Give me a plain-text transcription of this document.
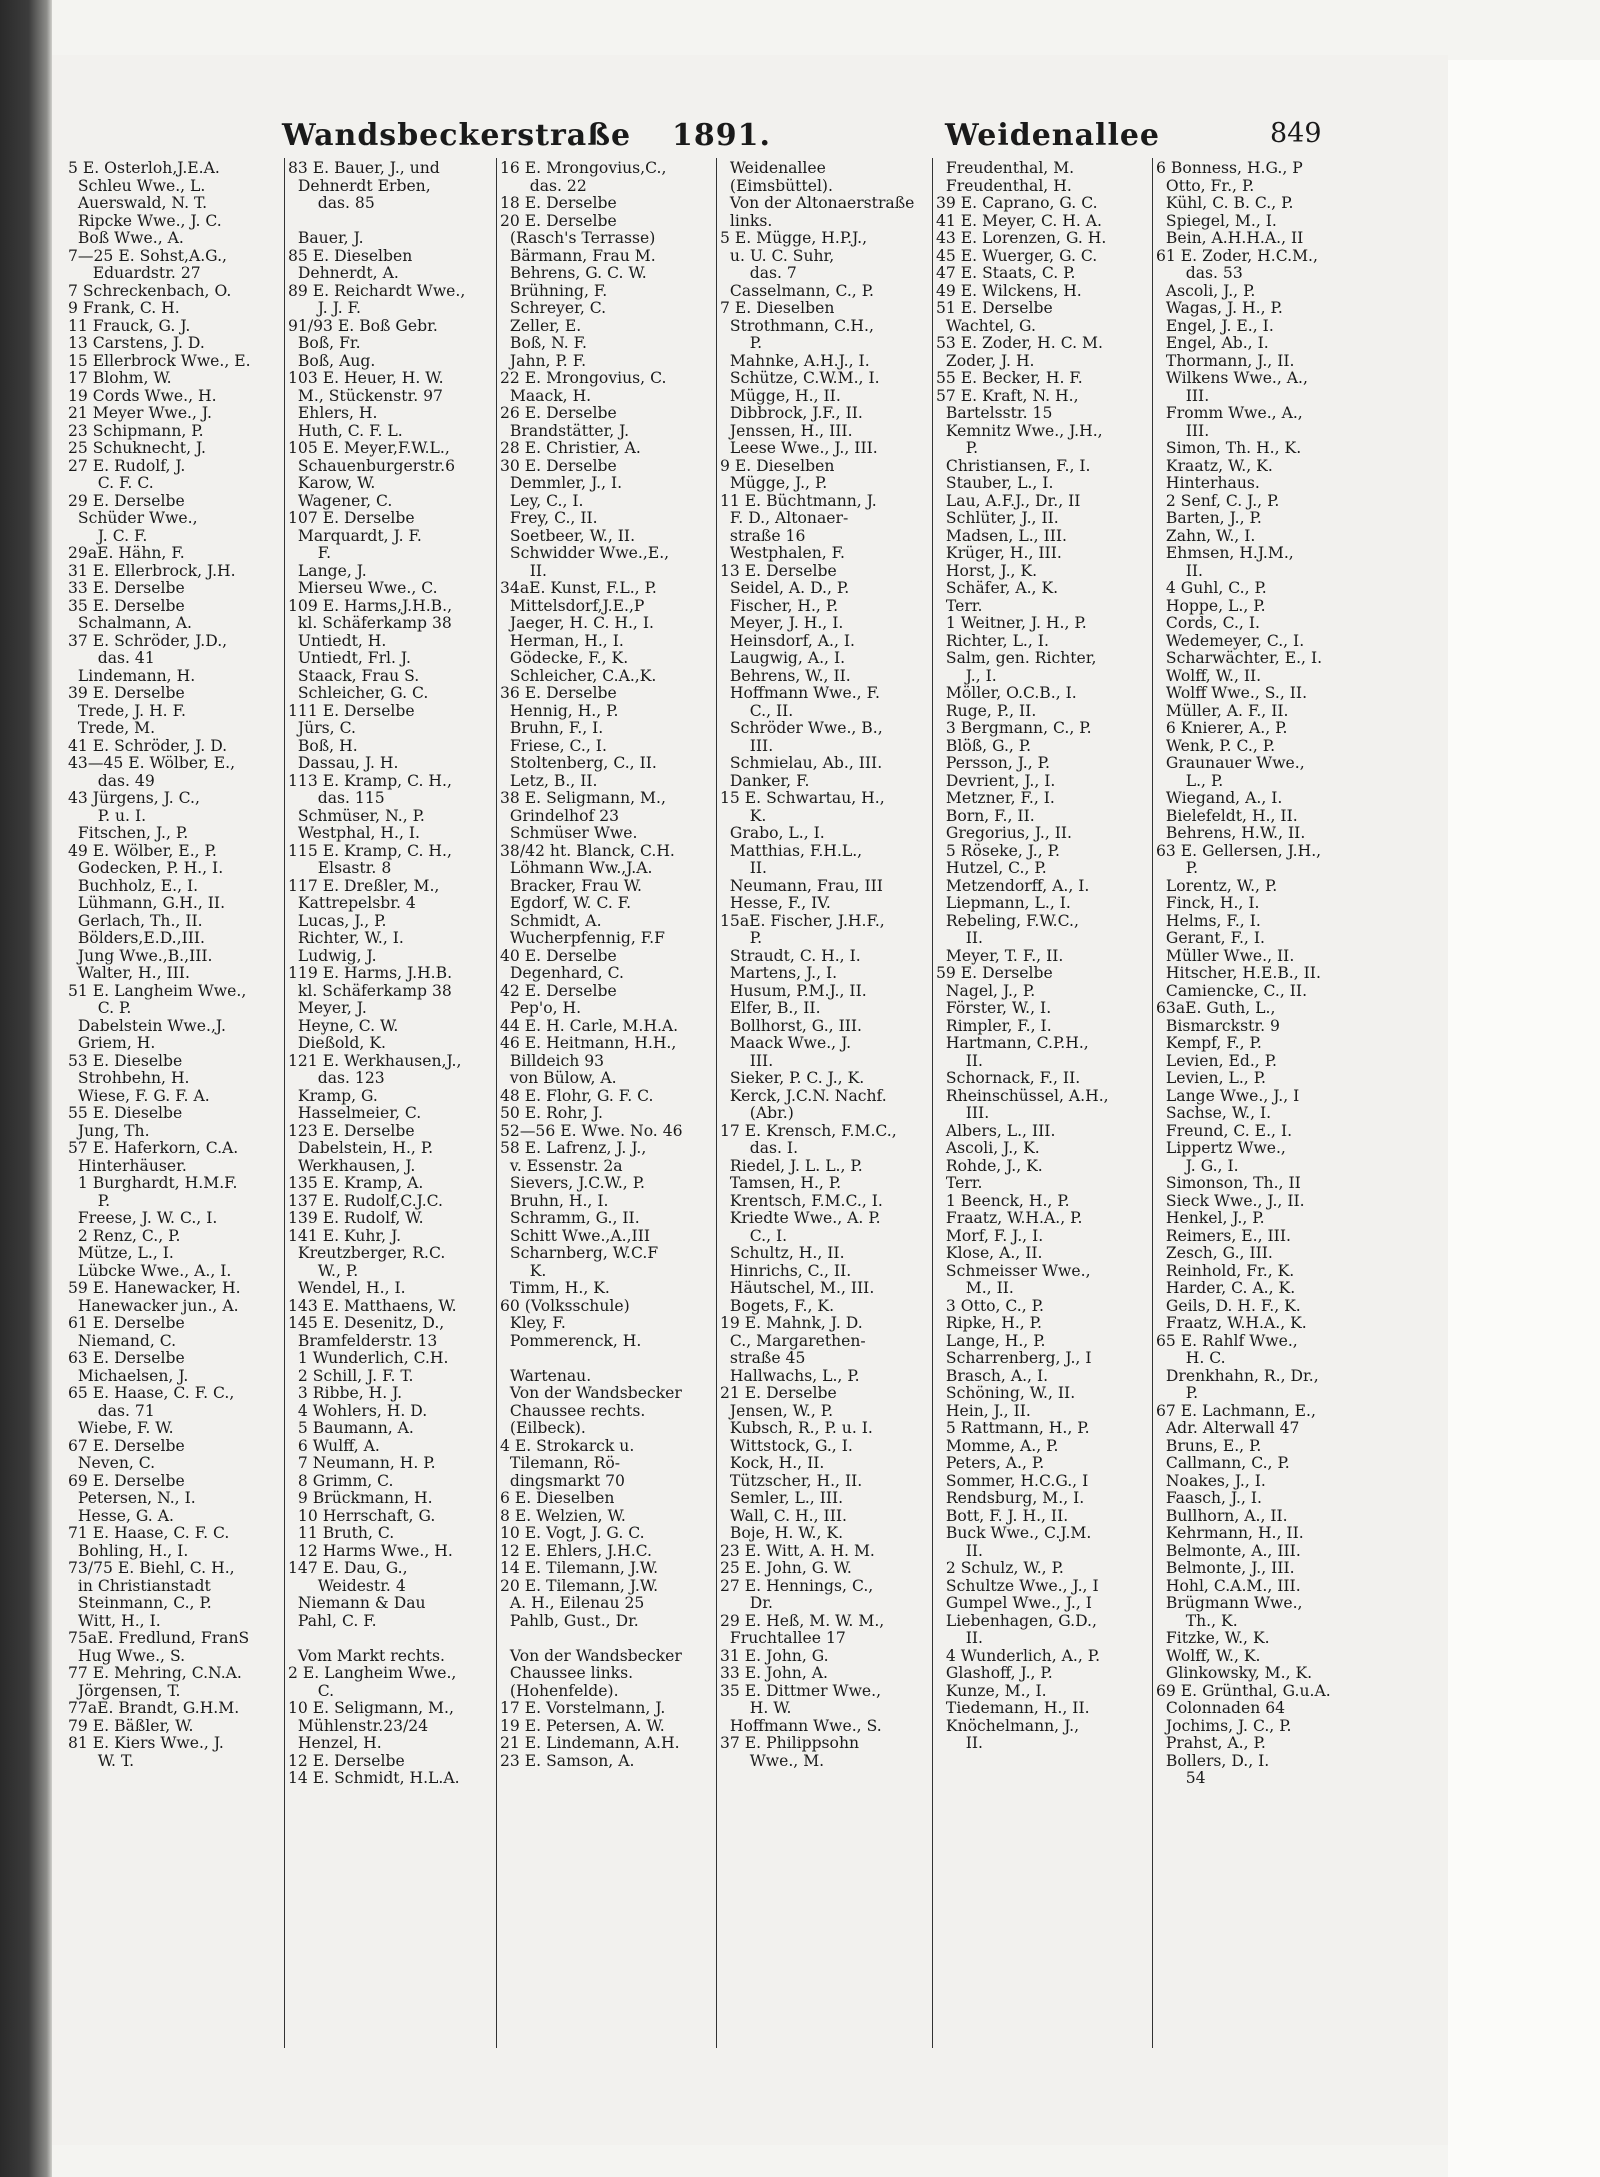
Wandsbeckerstraße 1891.	Weidenallee	849
5 E. Osterloh,J.E.A.
Schleu Wwe., L.
Auerswald, N. T.
Ripcke Wwe., J. C.
Boß Wwe., A.
7—25 E. Sohst,A.G.,
Eduardstr. 27
7 Schreckenbach, O.
9 Frank, C. H.
11 Frauck, G. J.
13 Carstens, J. D.
15 Ellerbrock Wwe., E.
17 Blohm, W.
19 Cords Wwe., H.
21 Meyer Wwe., J.
23 Schipmann, P.
25 Schuknecht, J.
27 E. Rudolf, J.
C. F. C.
29 E. Derselbe
Schüder Wwe.,
J. C. F.
29aE. Hähn, F.
31 E. Ellerbrock, J.H.
33 E. Derselbe
35 E. Derselbe
Schalmann, A.
37 E. Schröder, J.D.,
das. 41
Lindemann, H.
39 E. Derselbe
Trede, J. H. F.
Trede, M.
41 E. Schröder, J. D.
43—45 E. Wölber, E.,
das. 49
43 Jürgens, J. C.,
P. u. I.
Fitschen, J., P.
49 E. Wölber, E., P.
Godecken, P. H., I.
Buchholz, E., I.
Lühmann, G.H., II.
Gerlach, Th., II.
Bölders,E.D.,III.
Jung Wwe.,B.,III.
Walter, H., III.
51 E. Langheim Wwe.,
C. P.
Dabelstein Wwe.,J.
Griem, H.
53 E. Dieselbe
Strohbehn, H.
Wiese, F. G. F. A.
55 E. Dieselbe
Jung, Th.
57 E. Haferkorn, C.A.
Hinterhäuser.
1 Burghardt, H.M.F.
P.
Freese, J. W. C., I.
2 Renz, C., P.
Mütze, L., I.
Lübcke Wwe., A., I.
59 E. Hanewacker, H.
Hanewacker jun., A.
61 E. Derselbe
Niemand, C.
63 E. Derselbe
Michaelsen, J.
65 E. Haase, C. F. C.,
das. 71
Wiebe, F. W.
67 E. Derselbe
Neven, C.
69 E. Derselbe
Petersen, N., I.
Hesse, G. A.
71 E. Haase, C. F. C.
Bohling, H., I.
73/75 E. Biehl, C. H.,
in Christianstadt
Steinmann, C., P.
Witt, H., I.
75aE. Fredlund, FranS
Hug Wwe., S.
77 E. Mehring, C.N.A.
Jörgensen, T.
77aE. Brandt, G.H.M.
79 E. Bäßler, W.
81 E. Kiers Wwe., J.
W. T.
83 E. Bauer, J., und
Dehnerdt Erben,
das. 85
Bauer, J.
85 E. Dieselben
Dehnerdt, A.
89 E. Reichardt Wwe.,
J. J. F.
91/93 E. Boß Gebr.
Boß, Fr.
Boß, Aug.
103 E. Heuer, H. W.
M., Stückenstr. 97
Ehlers, H.
Huth, C. F. L.
105 E. Meyer,F.W.L.,
Schauenburgerstr.6
Karow, W.
Wagener, C.
107 E. Derselbe
Marquardt, J. F.
F.
Lange, J.
Mierseu Wwe., C.
109 E. Harms,J.H.B.,
kl. Schäferkamp 38
Untiedt, H.
Untiedt, Frl. J.
Staack, Frau S.
Schleicher, G. C.
111 E. Derselbe
Jürs, C.
Boß, H.
Dassau, J. H.
113 E. Kramp, C. H.,
das. 115
Schmüser, N., P.
Westphal, H., I.
115 E. Kramp, C. H.,
Elsastr. 8
117 E. Dreßler, M.,
Kattrepelsbr. 4
Lucas, J., P.
Richter, W., I.
Ludwig, J.
119 E. Harms, J.H.B.
kl. Schäferkamp 38
Meyer, J.
Heyne, C. W.
Dießold, K.
121 E. Werkhausen,J.,
das. 123
Kramp, G.
Hasselmeier, C.
123 E. Derselbe
Dabelstein, H., P.
Werkhausen, J.
135 E. Kramp, A.
137 E. Rudolf,C.J.C.
139 E. Rudolf, W.
141 E. Kuhr, J.
Kreutzberger, R.C.
W., P.
Wendel, H., I.
143 E. Matthaens, W.
145 E. Desenitz, D.,
Bramfelderstr. 13
1 Wunderlich, C.H.
2 Schill, J. F. T.
3 Ribbe, H. J.
4 Wohlers, H. D.
5 Baumann, A.
6 Wulff, A.
7 Neumann, H. P.
8 Grimm, C.
9 Brückmann, H.
10 Herrschaft, G.
11 Bruth, C.
12 Harms Wwe., H.
147 E. Dau, G.,
Weidestr. 4
Niemann & Dau
Pahl, C. F.
Vom Markt rechts.
2 E. Langheim Wwe.,
C.
10 E. Seligmann, M.,
Mühlenstr.23/24
Henzel, H.
12 E. Derselbe
14 E. Schmidt, H.L.A.
16 E. Mrongovius,C.,
das. 22
18 E. Derselbe
20 E. Derselbe
(Rasch's Terrasse)
Bärmann, Frau M.
Behrens, G. C. W.
Brühning, F.
Schreyer, C.
Zeller, E.
Boß, N. F.
Jahn, P. F.
22 E. Mrongovius, C.
Maack, H.
26 E. Derselbe
Brandstätter, J.
28 E. Christier, A.
30 E. Derselbe
Demmler, J., I.
Ley, C., I.
Frey, C., II.
Soetbeer, W., II.
Schwidder Wwe.,E.,
II.
34aE. Kunst, F.L., P.
Mittelsdorf,J.E.,P
Jaeger, H. C. H., I.
Herman, H., I.
Gödecke, F., K.
Schleicher, C.A.,K.
36 E. Derselbe
Hennig, H., P.
Bruhn, F., I.
Friese, C., I.
Stoltenberg, C., II.
Letz, B., II.
38 E. Seligmann, M.,
Grindelhof 23
Schmüser Wwe.
38/42 ht. Blanck, C.H.
Löhmann Ww.,J.A.
Bracker, Frau W.
Egdorf, W. C. F.
Schmidt, A.
Wucherpfennig, F.F
40 E. Derselbe
Degenhard, C.
42 E. Derselbe
Pep'o, H.
44 E. H. Carle, M.H.A.
46 E. Heitmann, H.H.,
Billdeich 93
von Bülow, A.
48 E. Flohr, G. F. C.
50 E. Rohr, J.
52—56 E. Wwe. No. 46
58 E. Lafrenz, J. J.,
v. Essenstr. 2a
Sievers, J.C.W., P.
Bruhn, H., I.
Schramm, G., II.
Schitt Wwe.,A.,III
Scharnberg, W.C.F
K.
Timm, H., K.
60 (Volksschule)
Kley, F.
Pommerenck, H.
Wartenau.
Von der Wandsbecker
Chaussee rechts.
(Eilbeck).
4 E. Strokarck u.
Tilemann, Rö-
dingsmarkt 70
6 E. Dieselben
8 E. Welzien, W.
10 E. Vogt, J. G. C.
12 E. Ehlers, J.H.C.
14 E. Tilemann, J.W.
20 E. Tilemann, J.W.
A. H., Eilenau 25
Pahlb, Gust., Dr.
Von der Wandsbecker
Chaussee links.
(Hohenfelde).
17 E. Vorstelmann, J.
19 E. Petersen, A. W.
21 E. Lindemann, A.H.
23 E. Samson, A.
Weidenallee
(Eimsbüttel).
Von der Altonaerstraße
links.
5 E. Mügge, H.P.J.,
u. U. C. Suhr,
das. 7
Casselmann, C., P.
7 E. Dieselben
Strothmann, C.H.,
P.
Mahnke, A.H.J., I.
Schütze, C.W.M., I.
Mügge, H., II.
Dibbrock, J.F., II.
Jenssen, H., III.
Leese Wwe., J., III.
9 E. Dieselben
Mügge, J., P.
11 E. Büchtmann, J.
F. D., Altonaer-
straße 16
Westphalen, F.
13 E. Derselbe
Seidel, A. D., P.
Fischer, H., P.
Meyer, J. H., I.
Heinsdorf, A., I.
Laugwig, A., I.
Behrens, W., II.
Hoffmann Wwe., F.
C., II.
Schröder Wwe., B.,
III.
Schmielau, Ab., III.
Danker, F.
15 E. Schwartau, H.,
K.
Grabo, L., I.
Matthias, F.H.L.,
II.
Neumann, Frau, III
Hesse, F., IV.
15aE. Fischer, J.H.F.,
P.
Straudt, C. H., I.
Martens, J., I.
Husum, P.M.J., II.
Elfer, B., II.
Bollhorst, G., III.
Maack Wwe., J.
III.
Sieker, P. C. J., K.
Kerck, J.C.N. Nachf.
(Abr.)
17 E. Krensch, F.M.C.,
das. I.
Riedel, J. L. L., P.
Tamsen, H., P.
Krentsch, F.M.C., I.
Kriedte Wwe., A. P.
C., I.
Schultz, H., II.
Hinrichs, C., II.
Häutschel, M., III.
Bogets, F., K.
19 E. Mahnk, J. D.
C., Margarethen-
straße 45
Hallwachs, L., P.
21 E. Derselbe
Jensen, W., P.
Kubsch, R., P. u. I.
Wittstock, G., I.
Kock, H., II.
Tützscher, H., II.
Semler, L., III.
Wall, C. H., III.
Boje, H. W., K.
23 E. Witt, A. H. M.
25 E. John, G. W.
27 E. Hennings, C.,
Dr.
29 E. Heß, M. W. M.,
Fruchtallee 17
31 E. John, G.
33 E. John, A.
35 E. Dittmer Wwe.,
H. W.
Hoffmann Wwe., S.
37 E. Philippsohn
Wwe., M.
Freudenthal, M.
Freudenthal, H.
39 E. Caprano, G. C.
41 E. Meyer, C. H. A.
43 E. Lorenzen, G. H.
45 E. Wuerger, G. C.
47 E. Staats, C. P.
49 E. Wilckens, H.
51 E. Derselbe
Wachtel, G.
53 E. Zoder, H. C. M.
Zoder, J. H.
55 E. Becker, H. F.
57 E. Kraft, N. H.,
Bartelsstr. 15
Kemnitz Wwe., J.H.,
P.
Christiansen, F., I.
Stauber, L., I.
Lau, A.F.J., Dr., II
Schlüter, J., II.
Madsen, L., III.
Krüger, H., III.
Horst, J., K.
Schäfer, A., K.
Terr.
1 Weitner, J. H., P.
Richter, L., I.
Salm, gen. Richter,
J., I.
Möller, O.C.B., I.
Ruge, P., II.
3 Bergmann, C., P.
Blöß, G., P.
Persson, J., P.
Devrient, J., I.
Metzner, F., I.
Born, F., II.
Gregorius, J., II.
5 Röseke, J., P.
Hutzel, C., P.
Metzendorff, A., I.
Liepmann, L., I.
Rebeling, F.W.C.,
II.
Meyer, T. F., II.
59 E. Derselbe
Nagel, J., P.
Förster, W., I.
Rimpler, F., I.
Hartmann, C.P.H.,
II.
Schornack, F., II.
Rheinschüssel, A.H.,
III.
Albers, L., III.
Ascoli, J., K.
Rohde, J., K.
Terr.
1 Beenck, H., P.
Fraatz, W.H.A., P.
Morf, F. J., I.
Klose, A., II.
Schmeisser Wwe.,
M., II.
3 Otto, C., P.
Ripke, H., P.
Lange, H., P.
Scharrenberg, J., I
Brasch, A., I.
Schöning, W., II.
Hein, J., II.
5 Rattmann, H., P.
Momme, A., P.
Peters, A., P.
Sommer, H.C.G., I
Rendsburg, M., I.
Bott, F. J. H., II.
Buck Wwe., C.J.M.
II.
2 Schulz, W., P.
Schultze Wwe., J., I
Gumpel Wwe., J., I
Liebenhagen, G.D.,
II.
4 Wunderlich, A., P.
Glashoff, J., P.
Kunze, M., I.
Tiedemann, H., II.
Knöchelmann, J.,
II.
6 Bonness, H.G., P
Otto, Fr., P.
Kühl, C. B. C., P.
Spiegel, M., I.
Bein, A.H.H.A., II
61 E. Zoder, H.C.M.,
das. 53
Ascoli, J., P.
Wagas, J. H., P.
Engel, J. E., I.
Engel, Ab., I.
Thormann, J., II.
Wilkens Wwe., A.,
III.
Fromm Wwe., A.,
III.
Simon, Th. H., K.
Kraatz, W., K.
Hinterhaus.
2 Senf, C. J., P.
Barten, J., P.
Zahn, W., I.
Ehmsen, H.J.M.,
II.
4 Guhl, C., P.
Hoppe, L., P.
Cords, C., I.
Wedemeyer, C., I.
Scharwächter, E., I.
Wolff, W., II.
Wolff Wwe., S., II.
Müller, A. F., II.
6 Knierer, A., P.
Wenk, P. C., P.
Graunauer Wwe.,
L., P.
Wiegand, A., I.
Bielefeldt, H., II.
Behrens, H.W., II.
63 E. Gellersen, J.H.,
P.
Lorentz, W., P.
Finck, H., I.
Helms, F., I.
Gerant, F., I.
Müller Wwe., II.
Hitscher, H.E.B., II.
Camiencke, C., II.
63aE. Guth, L.,
Bismarckstr. 9
Kempf, F., P.
Levien, Ed., P.
Levien, L., P.
Lange Wwe., J., I
Sachse, W., I.
Freund, C. E., I.
Lippertz Wwe.,
J. G., I.
Simonson, Th., II
Sieck Wwe., J., II.
Henkel, J., P.
Reimers, E., III.
Zesch, G., III.
Reinhold, Fr., K.
Harder, C. A., K.
Geils, D. H. F., K.
Fraatz, W.H.A., K.
65 E. Rahlf Wwe.,
H. C.
Drenkhahn, R., Dr.,
P.
67 E. Lachmann, E.,
Adr. Alterwall 47
Bruns, E., P.
Callmann, C., P.
Noakes, J., I.
Faasch, J., I.
Bullhorn, A., II.
Kehrmann, H., II.
Belmonte, A., III.
Belmonte, J., III.
Hohl, C.A.M., III.
Brügmann Wwe.,
Th., K.
Fitzke, W., K.
Wolff, W., K.
Glinkowsky, M., K.
69 E. Grünthal, G.u.A.
Colonnaden 64
Jochims, J. C., P.
Prahst, A., P.
Bollers, D., I.
54
